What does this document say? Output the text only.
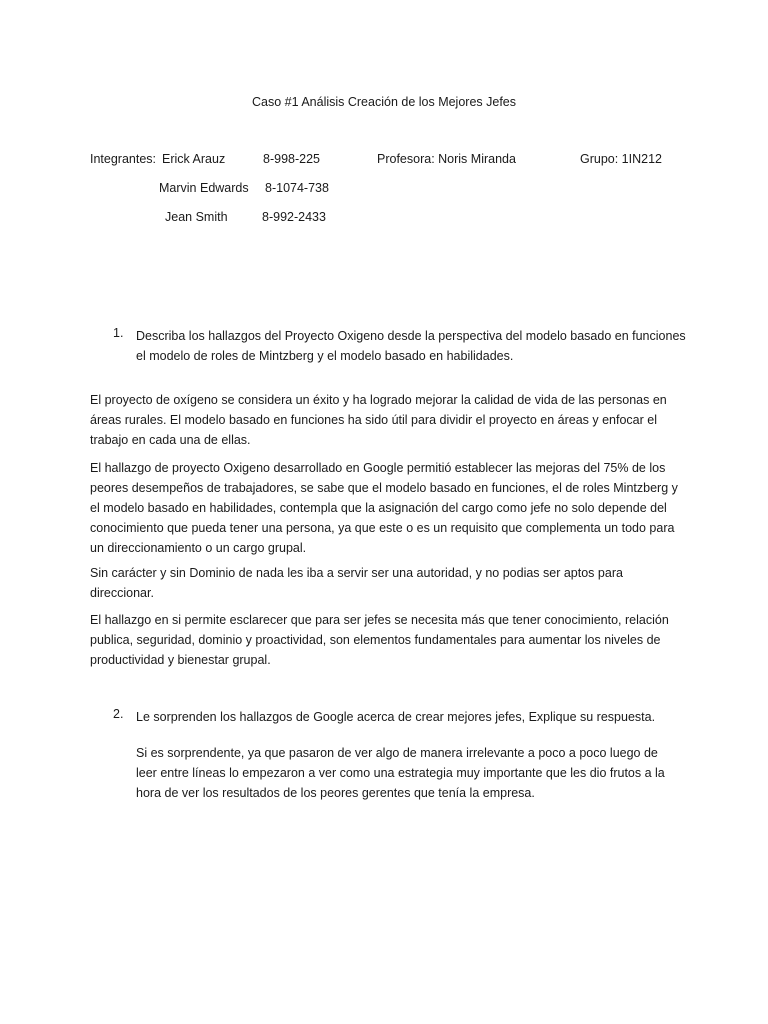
Caso #1 Análisis Creación de los Mejores Jefes
Integrantes: Erick Arauz	8-998-225	Profesora: Noris Miranda	Grupo: 1IN212
Marvin Edwards 8-1074-738
Jean Smith	8-992-2433
1. Describa los hallazgos del Proyecto Oxigeno desde la perspectiva del modelo basado en funciones el modelo de roles de Mintzberg y el modelo basado en habilidades.
El proyecto de oxígeno se considera un éxito y ha logrado mejorar la calidad de vida de las personas en áreas rurales. El modelo basado en funciones ha sido útil para dividir el proyecto en áreas y enfocar el trabajo en cada una de ellas.
El hallazgo de proyecto Oxigeno desarrollado en Google permitió establecer las mejoras del 75% de los peores desempeños de trabajadores, se sabe que el modelo basado en funciones, el de roles Mintzberg y el modelo basado en habilidades, contempla que la asignación del cargo como jefe no solo depende del conocimiento que pueda tener una persona, ya que este o es un requisito que complementa un todo para un direccionamiento o un cargo grupal.
Sin carácter y sin Dominio de nada les iba a servir ser una autoridad, y no podias ser aptos para direccionar.
El hallazgo en si permite esclarecer que para ser jefes se necesita más que tener conocimiento, relación publica, seguridad, dominio y proactividad, son elementos fundamentales para aumentar los niveles de productividad y bienestar grupal.
2. Le sorprenden los hallazgos de Google acerca de crear mejores jefes, Explique su respuesta.
Si es sorprendente, ya que pasaron de ver algo de manera irrelevante a poco a poco luego de leer entre líneas lo empezaron a ver como una estrategia muy importante que les dio frutos a la hora de ver los resultados de los peores gerentes que tenía la empresa.
